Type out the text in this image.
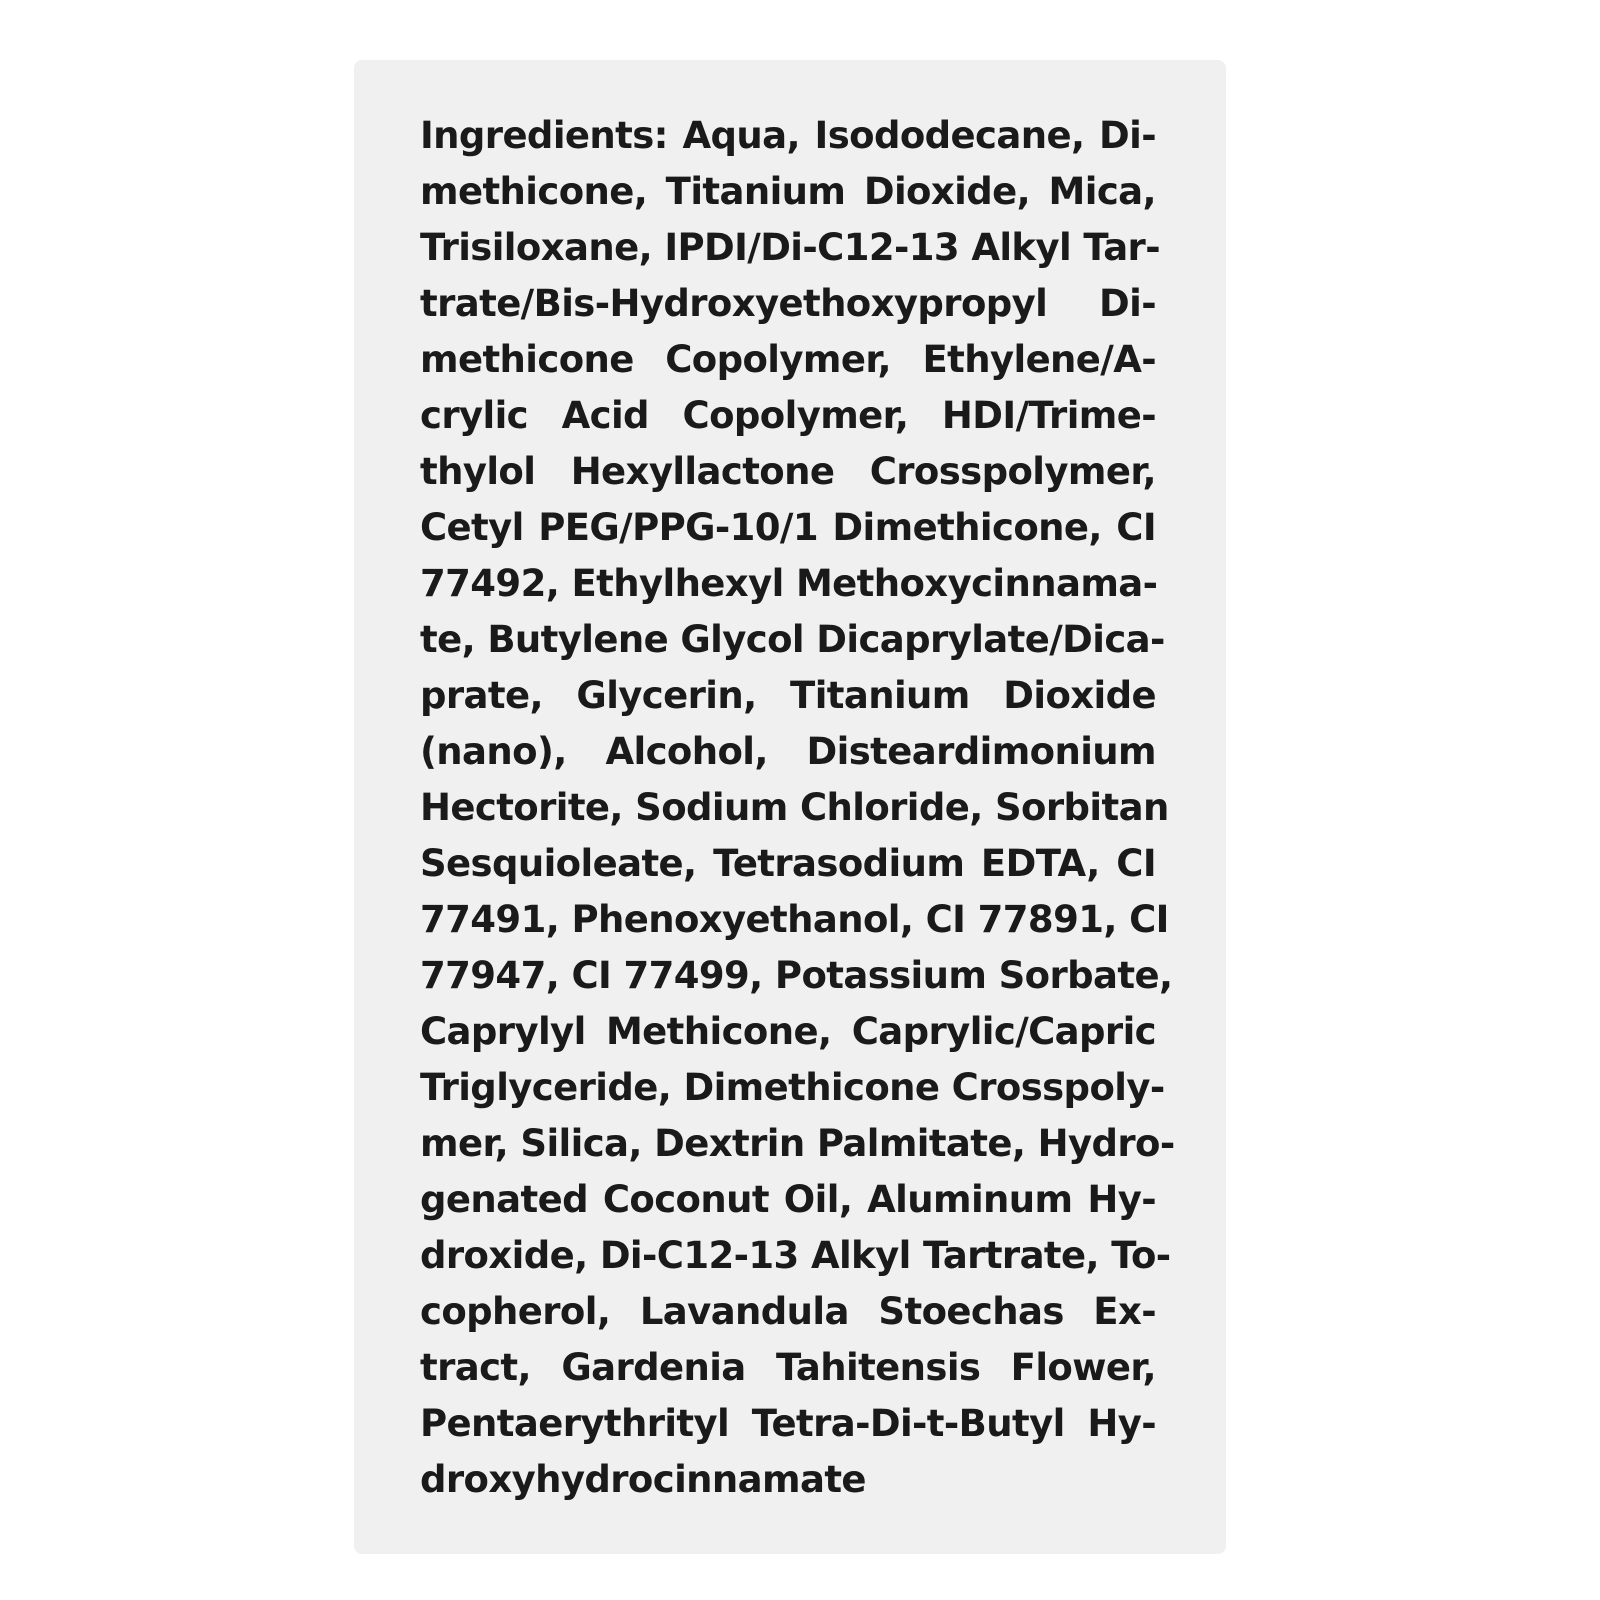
Ingredients: Aqua, Isododecane, Di-
methicone, Titanium Dioxide, Mica,
Trisiloxane, IPDI/Di-C12-13 Alkyl Tar-
trate/Bis-Hydroxyethoxypropyl Di-
methicone Copolymer, Ethylene/A-
crylic Acid Copolymer, HDI/Trime-
thylol Hexyllactone Crosspolymer,
Cetyl PEG/PPG-10/1 Dimethicone, CI
77492, Ethylhexyl Methoxycinnama-
te, Butylene Glycol Dicaprylate/Dica-
prate, Glycerin, Titanium Dioxide
(nano), Alcohol, Disteardimonium
Hectorite, Sodium Chloride, Sorbitan
Sesquioleate, Tetrasodium EDTA, CI
77491, Phenoxyethanol, CI 77891, CI
77947, CI 77499, Potassium Sorbate,
Caprylyl Methicone, Caprylic/Capric
Triglyceride, Dimethicone Crosspoly-
mer, Silica, Dextrin Palmitate, Hydro-
genated Coconut Oil, Aluminum Hy-
droxide, Di-C12-13 Alkyl Tartrate, To-
copherol, Lavandula Stoechas Ex-
tract, Gardenia Tahitensis Flower,
Pentaerythrityl Tetra-Di-t-Butyl Hy-
droxyhydrocinnamate
